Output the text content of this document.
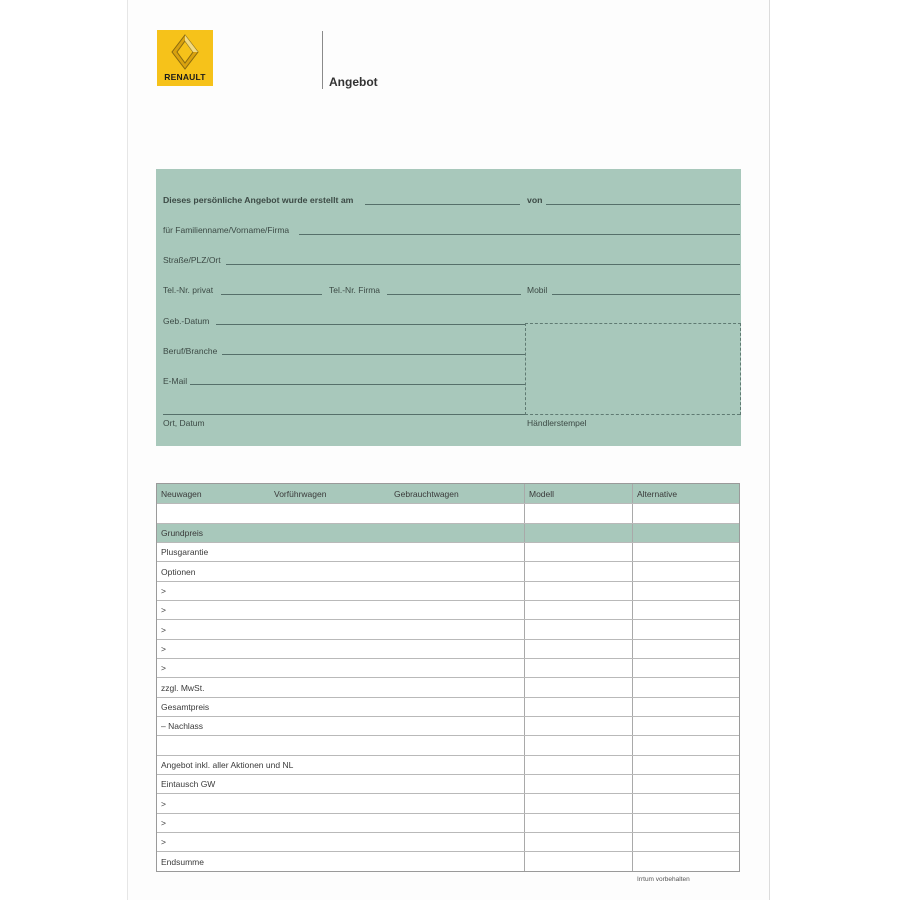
RENAULT	Angebot
Dieses persönliche Angebot wurde erstellt am	von
für Familienname/Vorname/Firma
Straße/PLZ/Ort
Tel.-Nr. privat	Tel.-Nr. Firma	Mobil
Geb.-Datum
Beruf/Branche
E-Mail
Ort, Datum	Händlerstempel
Neuwagen	Vorführwagen	Gebrauchtwagen	Modell	Alternative
Grundpreis
Plusgarantie
Optionen
>
>
>
>
>
zzgl. MwSt.
Gesamtpreis
– Nachlass
Angebot inkl. aller Aktionen und NL
Eintausch GW
>
>
>
Endsumme
Irrtum vorbehalten
